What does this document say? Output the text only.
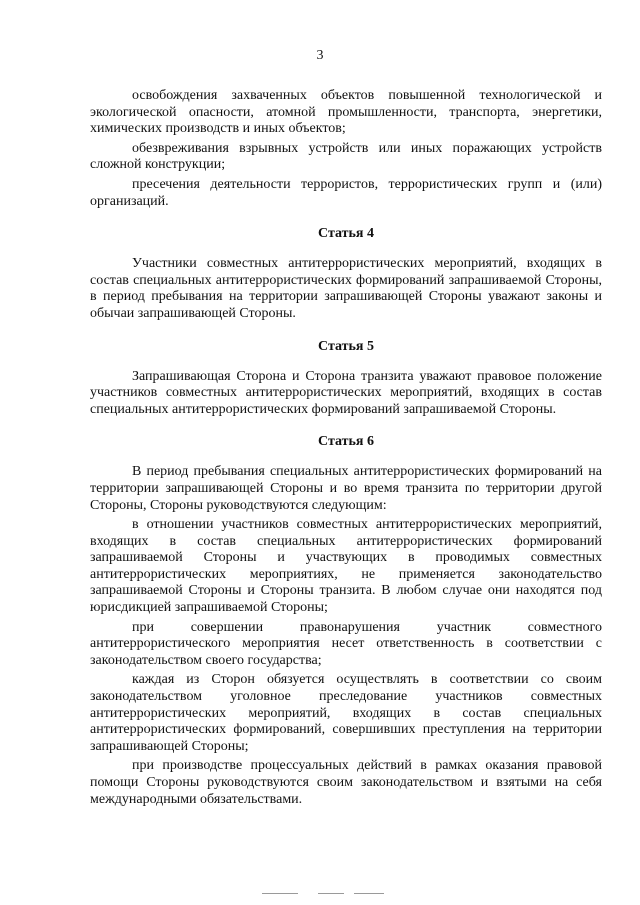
3

освобождения захваченных объектов повышенной технологической и экологической опасности, атомной промышленности, транспорта, энергетики, химических производств и иных объектов;

обезвреживания взрывных устройств или иных поражающих устройств сложной конструкции;

пресечения деятельности террористов, террористических групп и (или) организаций.

Статья 4

Участники совместных антитеррористических мероприятий, входящих в состав специальных антитеррористических формирований запрашиваемой Стороны, в период пребывания на территории запрашивающей Стороны уважают законы и обычаи запрашивающей Стороны.

Статья 5

Запрашивающая Сторона и Сторона транзита уважают правовое положение участников совместных антитеррористических мероприятий, входящих в состав специальных антитеррористических формирований запрашиваемой Стороны.

Статья 6

В период пребывания специальных антитеррористических формирований на территории запрашивающей Стороны и во время транзита по территории другой Стороны, Стороны руководствуются следующим:

в отношении участников совместных антитеррористических мероприятий, входящих в состав специальных антитеррористических формирований запрашиваемой Стороны и участвующих в проводимых совместных антитеррористических мероприятиях, не применяется законодательство запрашиваемой Стороны и Стороны транзита. В любом случае они находятся под юрисдикцией запрашиваемой Стороны;

при совершении правонарушения участник совместного антитеррористического мероприятия несет ответственность в соответствии с законодательством своего государства;

каждая из Сторон обязуется осуществлять в соответствии со своим законодательством уголовное преследование участников совместных антитеррористических мероприятий, входящих в состав специальных антитеррористических формирований, совершивших преступления на территории запрашивающей Стороны;

при производстве процессуальных действий в рамках оказания правовой помощи Стороны руководствуются своим законодательством и взятыми на себя международными обязательствами.
